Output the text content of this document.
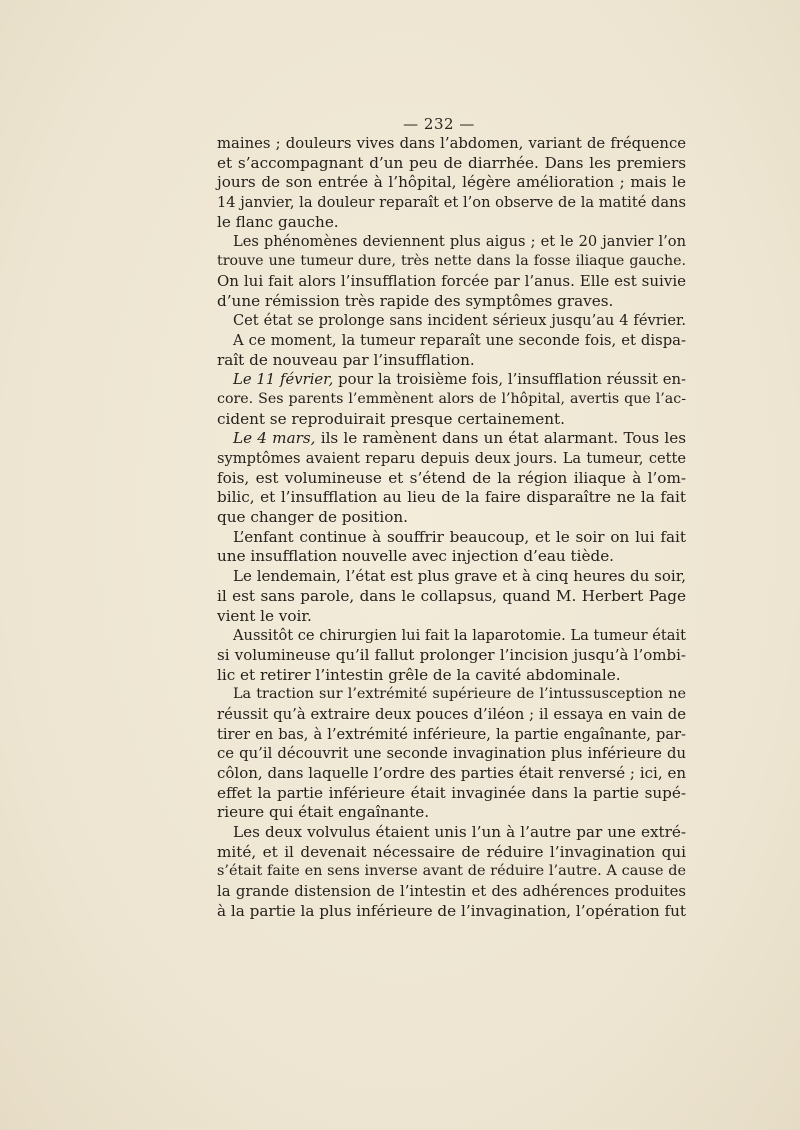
— 232 —
maines ; douleurs vives dans l’abdomen, variant de fréquence
et s’accompagnant d’un peu de diarrhée. Dans les premiers
jours de son entrée à l’hôpital, légère amélioration ; mais le
14 janvier, la douleur reparaît et l’on observe de la matité dans
le flanc gauche.
Les phénomènes deviennent plus aigus ; et le 20 janvier l’on
trouve une tumeur dure, très nette dans la fosse iliaque gauche.
On lui fait alors l’insufflation forcée par l’anus. Elle est suivie
d’une rémission très rapide des symptômes graves.
Cet état se prolonge sans incident sérieux jusqu’au 4 février.
A ce moment, la tumeur reparaît une seconde fois, et dispa-
raît de nouveau par l’insufflation.
Le 11 février, pour la troisième fois, l’insufflation réussit en-
core. Ses parents l’emmènent alors de l’hôpital, avertis que l’ac-
cident se reproduirait presque certainement.
Le 4 mars, ils le ramènent dans un état alarmant. Tous les
symptômes avaient reparu depuis deux jours. La tumeur, cette
fois, est volumineuse et s’étend de la région iliaque à l’om-
bilic, et l’insufflation au lieu de la faire disparaître ne la fait
que changer de position.
L’enfant continue à souffrir beaucoup, et le soir on lui fait
une insufflation nouvelle avec injection d’eau tiède.
Le lendemain, l’état est plus grave et à cinq heures du soir,
il est sans parole, dans le collapsus, quand M. Herbert Page
vient le voir.
Aussitôt ce chirurgien lui fait la laparotomie. La tumeur était
si volumineuse qu’il fallut prolonger l’incision jusqu’à l’ombi-
lic et retirer l’intestin grêle de la cavité abdominale.
La traction sur l’extrémité supérieure de l’intussusception ne
réussit qu’à extraire deux pouces d’iléon ; il essaya en vain de
tirer en bas, à l’extrémité inférieure, la partie engaînante, par-
ce qu’il découvrit une seconde invagination plus inférieure du
côlon, dans laquelle l’ordre des parties était renversé ; ici, en
effet la partie inférieure était invaginée dans la partie supé-
rieure qui était engaînante.
Les deux volvulus étaient unis l’un à l’autre par une extré-
mité, et il devenait nécessaire de réduire l’invagination qui
s’était faite en sens inverse avant de réduire l’autre. A cause de
la grande distension de l’intestin et des adhérences produites
à la partie la plus inférieure de l’invagination, l’opération fut
